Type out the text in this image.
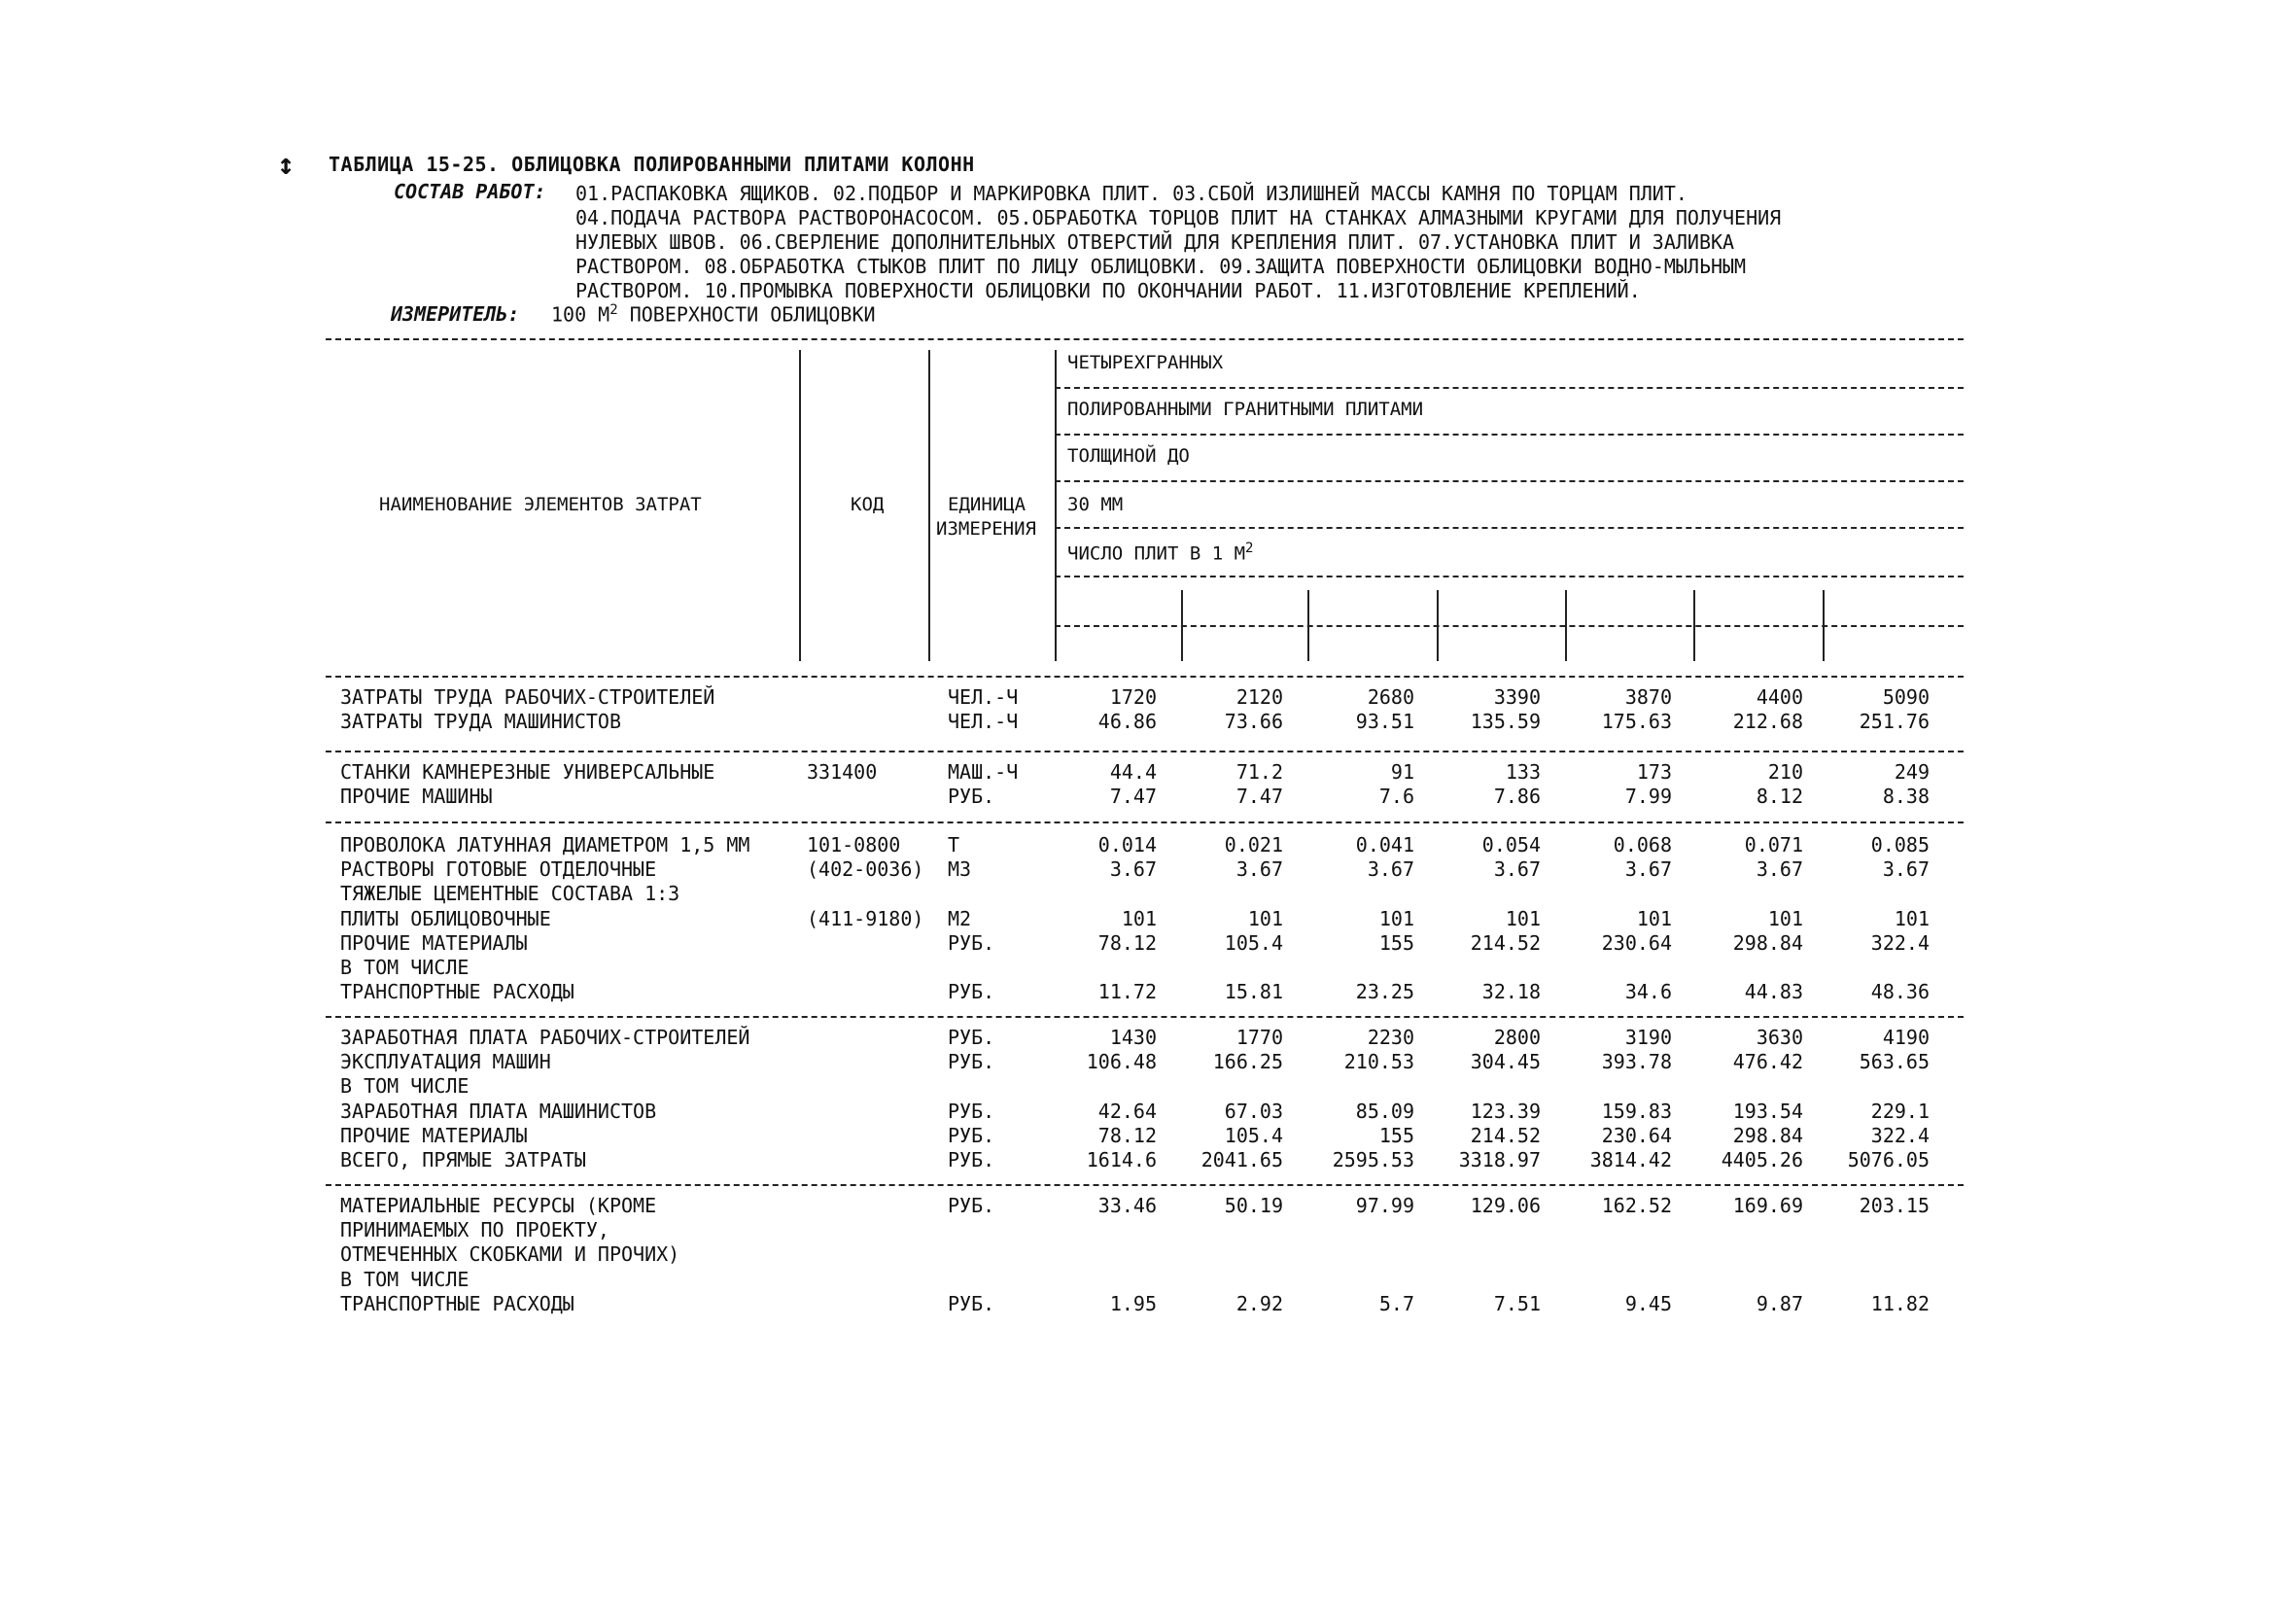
↕ ТАБЛИЦА 15-25. ОБЛИЦОВКА ПОЛИРОВАННЫМИ ПЛИТАМИ КОЛОНН
СОСТАВ РАБОТ: 01.РАСПАКОВКА ЯЩИКОВ. 02.ПОДБОР И МАРКИРОВКА ПЛИТ. 03.СБОЙ ИЗЛИШНЕЙ МАССЫ КАМНЯ ПО ТОРЦАМ ПЛИТ.
04.ПОДАЧА РАСТВОРА РАСТВОРОНАСОСОМ. 05.ОБРАБОТКА ТОРЦОВ ПЛИТ НА СТАНКАХ АЛМАЗНЫМИ КРУГАМИ ДЛЯ ПОЛУЧЕНИЯ
НУЛЕВЫХ ШВОВ. 06.СВЕРЛЕНИЕ ДОПОЛНИТЕЛЬНЫХ ОТВЕРСТИЙ ДЛЯ КРЕПЛЕНИЯ ПЛИТ. 07.УСТАНОВКА ПЛИТ И ЗАЛИВКА
РАСТВОРОМ. 08.ОБРАБОТКА СТЫКОВ ПЛИТ ПО ЛИЦУ ОБЛИЦОВКИ. 09.ЗАЩИТА ПОВЕРХНОСТИ ОБЛИЦОВКИ ВОДНО-МЫЛЬНЫМ
РАСТВОРОМ. 10.ПРОМЫВКА ПОВЕРХНОСТИ ОБЛИЦОВКИ ПО ОКОНЧАНИИ РАБОТ. 11.ИЗГОТОВЛЕНИЕ КРЕПЛЕНИЙ.
ИЗМЕРИТЕЛЬ: 100 $М^2$ ПОВЕРХНОСТИ ОБЛИЦОВКИ
НАИМЕНОВАНИЕ ЭЛЕМЕНТОВ ЗАТРАТ	КОД	ЕДИНИЦА
ИЗМЕРЕНИЯ
ЧЕТЫРЕХГРАННЫХ
ПОЛИРОВАННЫМИ ГРАНИТНЫМИ ПЛИТАМИ
ТОЛЩИНОЙ ДО
30 ММ
ЧИСЛО ПЛИТ В 1 $М^2$
ЗАТРАТЫ ТРУДА РАБОЧИХ-СТРОИТЕЛЕЙ	ЧЕЛ.-Ч	1720	2120	2680	3390	3870	4400	5090
ЗАТРАТЫ ТРУДА МАШИНИСТОВ	ЧЕЛ.-Ч	46.86	73.66	93.51	135.59	175.63	212.68	251.76
СТАНКИ КАМНЕРЕЗНЫЕ УНИВЕРСАЛЬНЫЕ	331400	МАШ.-Ч	44.4	71.2	91	133	173	210	249
ПРОЧИЕ МАШИНЫ	РУБ.	7.47	7.47	7.6	7.86	7.99	8.12	8.38
ПРОВОЛОКА ЛАТУННАЯ ДИАМЕТРОМ 1,5 ММ	101-0800 Т	0.014	0.021	0.041	0.054	0.068	0.071	0.085
РАСТВОРЫ ГОТОВЫЕ ОТДЕЛОЧНЫЕ	(402-0036) М3	3.67	3.67	3.67	3.67	3.67	3.67	3.67
ТЯЖЕЛЫЕ ЦЕМЕНТНЫЕ СОСТАВА 1:3
ПЛИТЫ ОБЛИЦОВОЧНЫЕ	(411-9180) М2	101	101	101	101	101	101	101
ПРОЧИЕ МАТЕРИАЛЫ	РУБ.	78.12	105.4	155	214.52	230.64	298.84	322.4
В ТОМ ЧИСЛЕ
ТРАНСПОРТНЫЕ РАСХОДЫ	РУБ.	11.72	15.81	23.25	32.18	34.6	44.83	48.36
ЗАРАБОТНАЯ ПЛАТА РАБОЧИХ-СТРОИТЕЛЕЙ	РУБ.	1430	1770	2230	2800	3190	3630	4190
ЭКСПЛУАТАЦИЯ МАШИН	РУБ.	106.48	166.25	210.53	304.45	393.78	476.42	563.65
В ТОМ ЧИСЛЕ
ЗАРАБОТНАЯ ПЛАТА МАШИНИСТОВ	РУБ.	42.64	67.03	85.09	123.39	159.83	193.54	229.1
ПРОЧИЕ МАТЕРИАЛЫ	РУБ.	78.12	105.4	155	214.52	230.64	298.84	322.4
ВСЕГО, ПРЯМЫЕ ЗАТРАТЫ	РУБ.	1614.6	2041.65	2595.53	3318.97	3814.42	4405.26	5076.05
МАТЕРИАЛЬНЫЕ РЕСУРСЫ (КРОМЕ	РУБ.	33.46	50.19	97.99	129.06	162.52	169.69	203.15
ПРИНИМАЕМЫХ ПО ПРОЕКТУ,
ОТМЕЧЕННЫХ СКОБКАМИ И ПРОЧИХ)
В ТОМ ЧИСЛЕ
ТРАНСПОРТНЫЕ РАСХОДЫ	РУБ.	1.95	2.92	5.7	7.51	9.45	9.87	11.82
